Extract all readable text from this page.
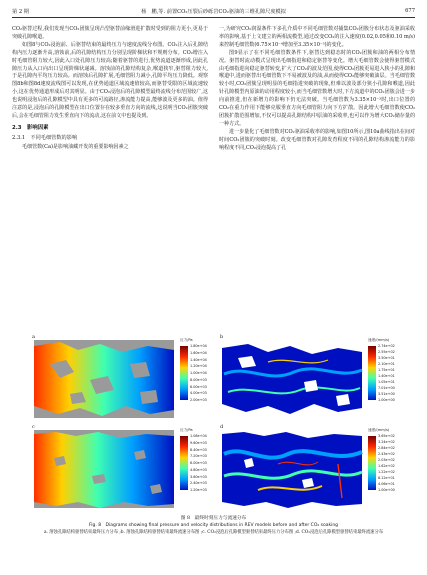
第 2 期	杨　鹏,等. 前置CO₂压裂后砂砾岩CO₂驱油的三维孔隙尺度模拟	677

CO₂驱替过程,我们发现当CO₂团簇呈现凸型驱替前缘滑进扩散时受到的阻力更小,更易于突破孔隙喉道。

如图8与CO₂浸泡前、后驱替结束的最终压力与速度流线分布图。CO₂注入后孔隙结构内压力逐渐升高,溶蚀前,后的孔隙结构压力分别呈现阶梯状和不规则分布。CO₂增注入时毛细管阻力较大,因此入口处孔隙压力较高;随着驱替的进行,优势流道逐渐形成,因此孔隙压力从入口向出口呈现阶梯状递减。溶蚀前的孔隙结构复杂,喉道狭窄,驱替阻力较大,于是孔隙内平均压力较高。而溶蚀后孔隙扩展,毛细管阻力减小,孔隙平均压力降低。观察图8b和图8d速度流线图可以发现,在优势通道区域流速值较高,而驱替受限的区域流速较小,这在优势通道形成后对其明显。由于CO₂浸泡后的孔隙模型最终流线分布范围较广,这也说明浸泡后的孔隙模型中具有更多的可流路径,渗流能力提高,能够波及更多的油。值得注意的是,浸泡后的孔隙模型在出口位置存在较多垂直方向的流线,这说明当CO₂团簇突破后,会在毛细管阻力发生垂直向下的流动,这在前文中也提及到。

2.3　影响因素
2.3.1　不同毛细管数的影响

毛细管数(Ca)是影响油藏开发的重要影响因素之

一,为研究CO₂润湿条件下多孔介质中不同毛细管数对捕集CO₂团簇分布状态及驱油采收率的影响,基于上文建立的两相流模型,通过改变CO₂的注入速度(0.02,0.05和0.10 m/s)来控制毛细管数(6.75×10⁻⁴增加至3.35×10⁻³)的变化。

图9显示了在不同毛细管数条件下,驱替达到稳态时的CO₂团簇和油的两相分布情况。驱替时流动模式呈现出毛细指进和稳定驱替等变化。增大毛细管数会使得驱替模式由毛细指进向稳定驱替转变,扩大了CO₂的波及范围,使得CO₂团簇更易进入狭小的孔隙和喉道中,进而驱替出毛细管数下不易被波及的油,从而使得CO₂能够突破油层。当毛细管数较小时,CO₂团簇呈现明显的毛细指进突破的现象,但难以波及部分狭小孔隙和喉道,因此针孔隙模型内原油的动用程度较小,而当毛细管数增大时,下方流道中的CO₂团簇会进一步向前推进,但在新增力的影响下仍无法突破。当毛细管数为3.35×10⁻³时,出口位置的CO₂在重力作用下能够克服垂直方向毛细管阻力向下方扩散。因此增大毛细管数使CO₂团簇扩散范围增加,不仅可以提高孔隙结构中原油的采收率,也可以作为增大CO₂储存量的一种方式。

进一步量化了毛细管数对CO₂驱油采收率的影响,如图10所示,图10a曲线指出在间对时间CO₂团簇的突破时刻。改变毛细管数对孔隙发育程度不同的孔隙结构渗流能力的影响程度不同,CO₂浸泡提高了孔

a	b
c	d
压力/Pa
1.80e+04
1.60e+04
1.40e+04
1.20e+04
1.00e+04
8.00e+03
6.00e+03
4.00e+03
2.00e+03
速度/(mm/s)
2.74e+02
2.55e+02
3.50e+01
2.10e+01
1.75e+01
1.40e+01
1.05e+01
7.01e+00
3.51e+00
1.00e+00
压力/Pa
1.08e+04
9.60e+03
8.40e+03
7.20e+03
6.00e+03
4.80e+03
3.60e+03
2.40e+03
1.20e+03
速度/(mm/s)
3.65e+02
3.24e+02
2.84e+02
2.43e+02
2.03e+02
1.62e+02
1.22e+02
8.12e+01
4.06e+01
1.00e+00
图 8　最终时刻压力与流速分布
Fig. 8　Diagrams showing final pressure and velocity distributions in REV models before and after CO₂ soaking
a. 溶蚀孔隙结构驱替结束最终压力分布 ;b. 溶蚀孔隙结构驱替结束最终流速分布图 ;c. CO₂浸泡后孔隙模型驱替结束最终压力分布图 ;d. CO₂浸泡后孔隙模型驱替结束最终流速分布
